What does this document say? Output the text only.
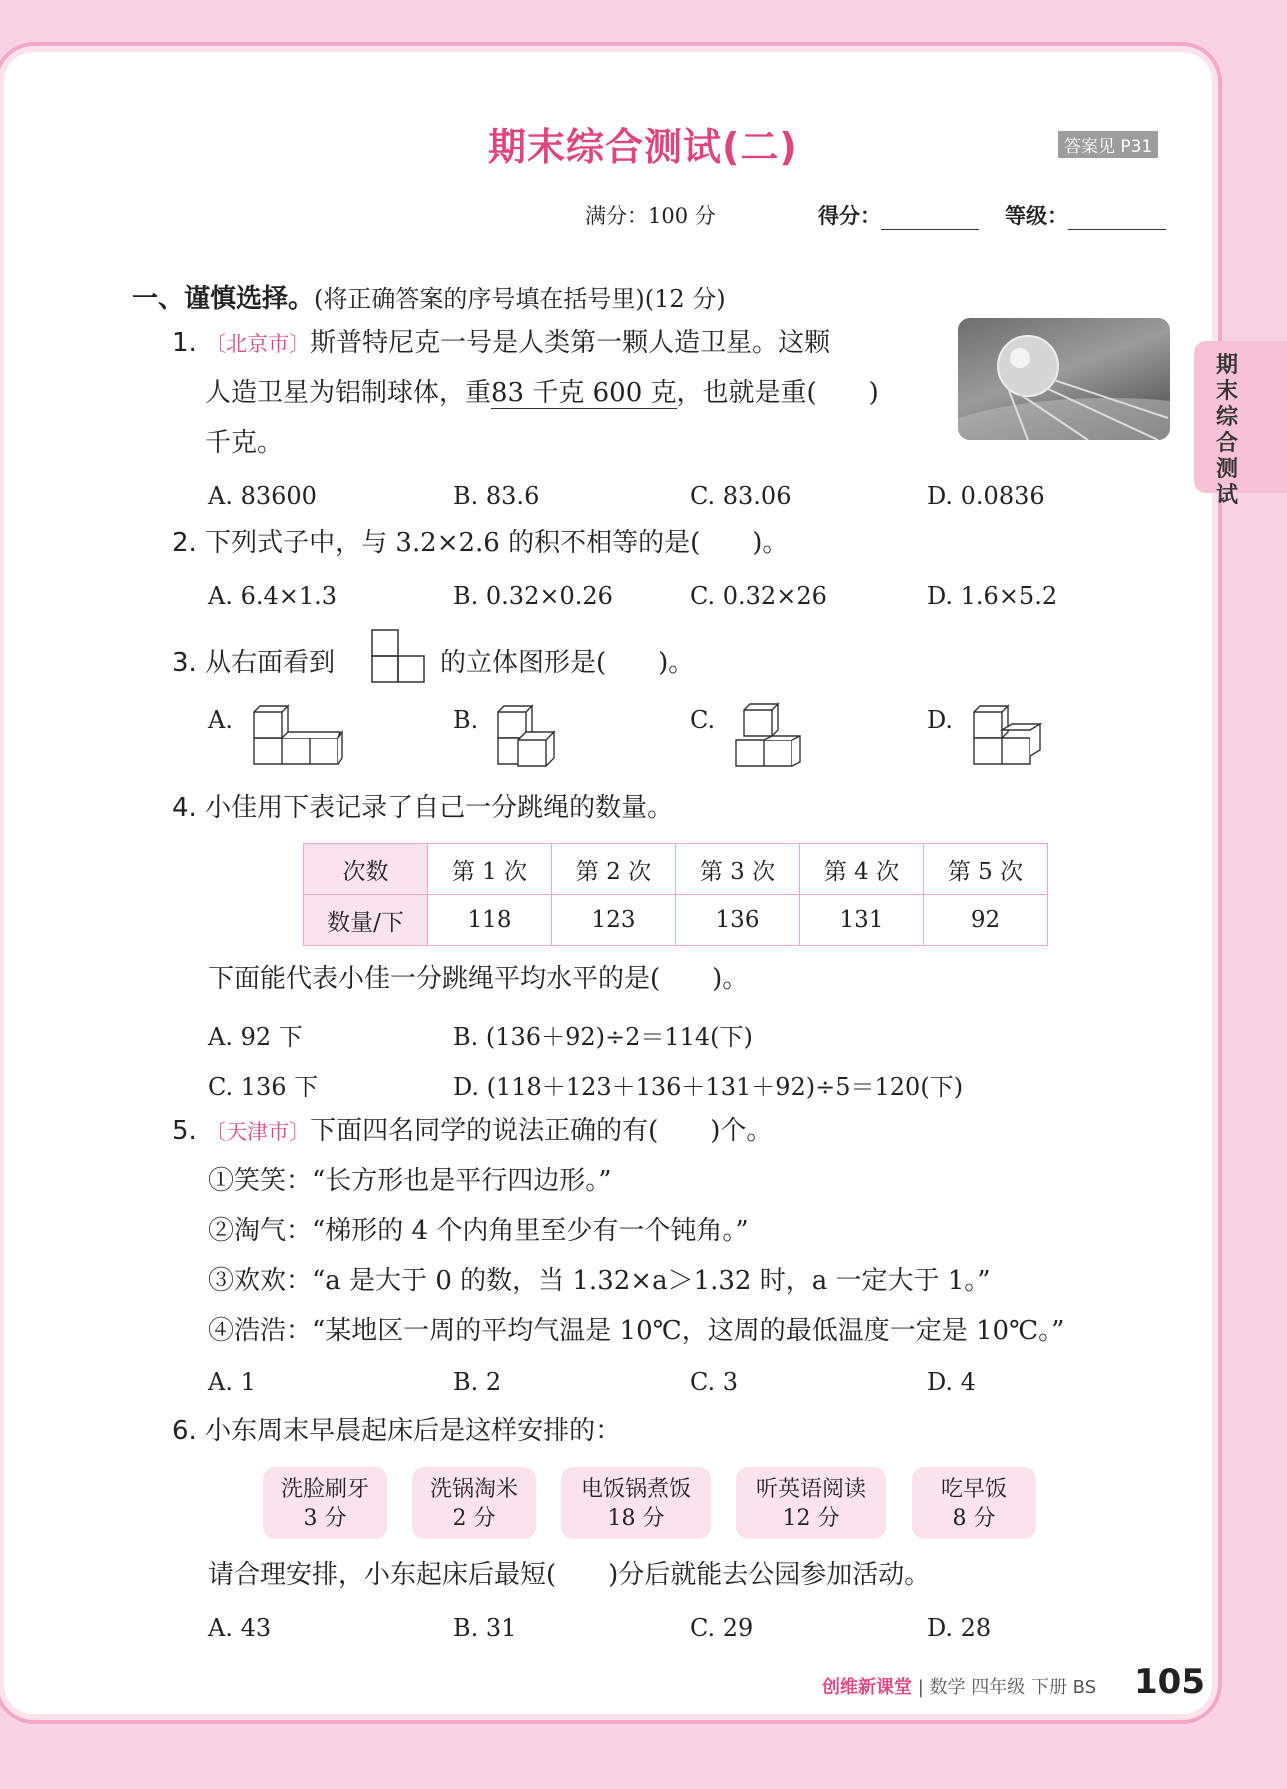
期末综合测试(二)	答案见 P31
满分：100 分	得分：	等级：
期末综合测试
一、谨慎选择。(将正确答案的序号填在括号里)(12 分)
1. 〔北京市〕斯普特尼克一号是人类第一颗人造卫星。这颗
人造卫星为铝制球体，重83 千克 600 克，也就是重(　　)
千克。
A. 83600	B. 83.6	C. 83.06	D. 0.0836
2. 下列式子中，与 3.2×2.6 的积不相等的是(　　)。
A. 6.4×1.3	B. 0.32×0.26	C. 0.32×26	D. 1.6×5.2
3. 从右面看到	的立体图形是(　　)。
A.	B.	C.	D.
4. 小佳用下表记录了自己一分跳绳的数量。
次数	第 1 次	第 2 次	第 3 次	第 4 次	第 5 次
数量/下	118	123	136	131	92
下面能代表小佳一分跳绳平均水平的是(　　)。
A. 92 下	B. (136＋92)÷2＝114(下)
C. 136 下	D. (118＋123＋136＋131＋92)÷5＝120(下)
5. 〔天津市〕下面四名同学的说法正确的有(　　)个。
①笑笑：“长方形也是平行四边形。”
②淘气：“梯形的 4 个内角里至少有一个钝角。”
③欢欢：“a 是大于 0 的数，当 1.32×a＞1.32 时，a 一定大于 1。”
④浩浩：“某地区一周的平均气温是 10℃，这周的最低温度一定是 10℃。”
A. 1	B. 2	C. 3	D. 4
6. 小东周末早晨起床后是这样安排的：
洗脸刷牙
3 分
洗锅淘米
2 分
电饭锅煮饭
18 分
听英语阅读
12 分
吃早饭
8 分
请合理安排，小东起床后最短(　　)分后就能去公园参加活动。
A. 43	B. 31	C. 29	D. 28
创维新课堂 | 数学 四年级 下册 BS 105
